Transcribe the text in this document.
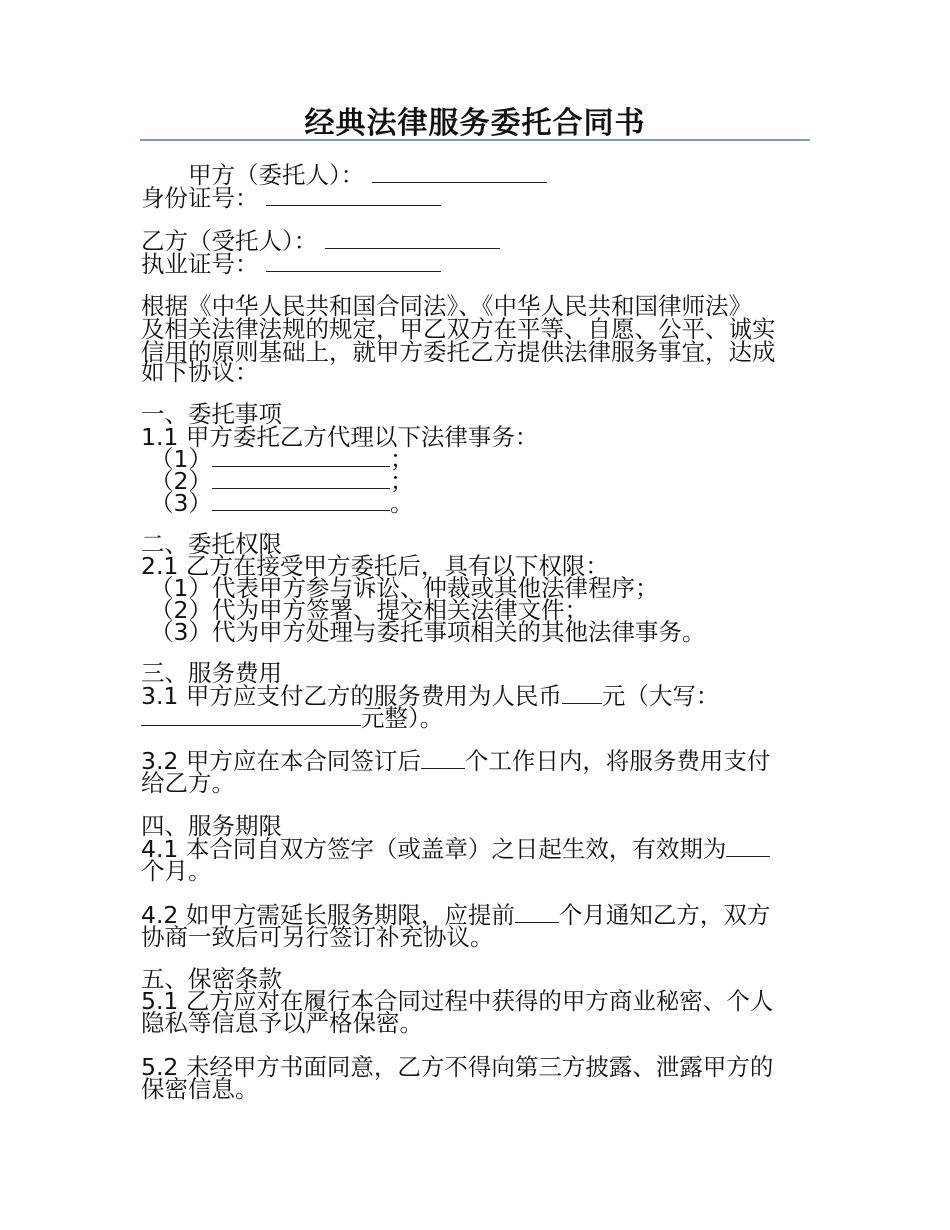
经典法律服务委托合同书
甲方（委托人）：
身份证号：
乙方（受托人）：
执业证号：
根据《中华人民共和国合同法》、《中华人民共和国律师法》
及相关法律法规的规定，甲乙双方在平等、自愿、公平、诚实
信用的原则基础上，就甲方委托乙方提供法律服务事宜，达成
如下协议：
一、委托事项
1.1 甲方委托乙方代理以下法律事务：
（1）	；
（2）	；
（3）	。
二、委托权限
2.1 乙方在接受甲方委托后，具有以下权限：
（1）代表甲方参与诉讼、仲裁或其他法律程序；
（2）代为甲方签署、提交相关法律文件；
（3）代为甲方处理与委托事项相关的其他法律事务。
三、服务费用
3.1 甲方应支付乙方的服务费用为人民币 元（大写：
元整）。
3.2 甲方应在本合同签订后 个工作日内，将服务费用支付
给乙方。
四、服务期限
4.1 本合同自双方签字（或盖章）之日起生效，有效期为
个月。
4.2 如甲方需延长服务期限，应提前 个月通知乙方，双方
协商一致后可另行签订补充协议。
五、保密条款
5.1 乙方应对在履行本合同过程中获得的甲方商业秘密、个人
隐私等信息予以严格保密。
5.2 未经甲方书面同意，乙方不得向第三方披露、泄露甲方的
保密信息。
